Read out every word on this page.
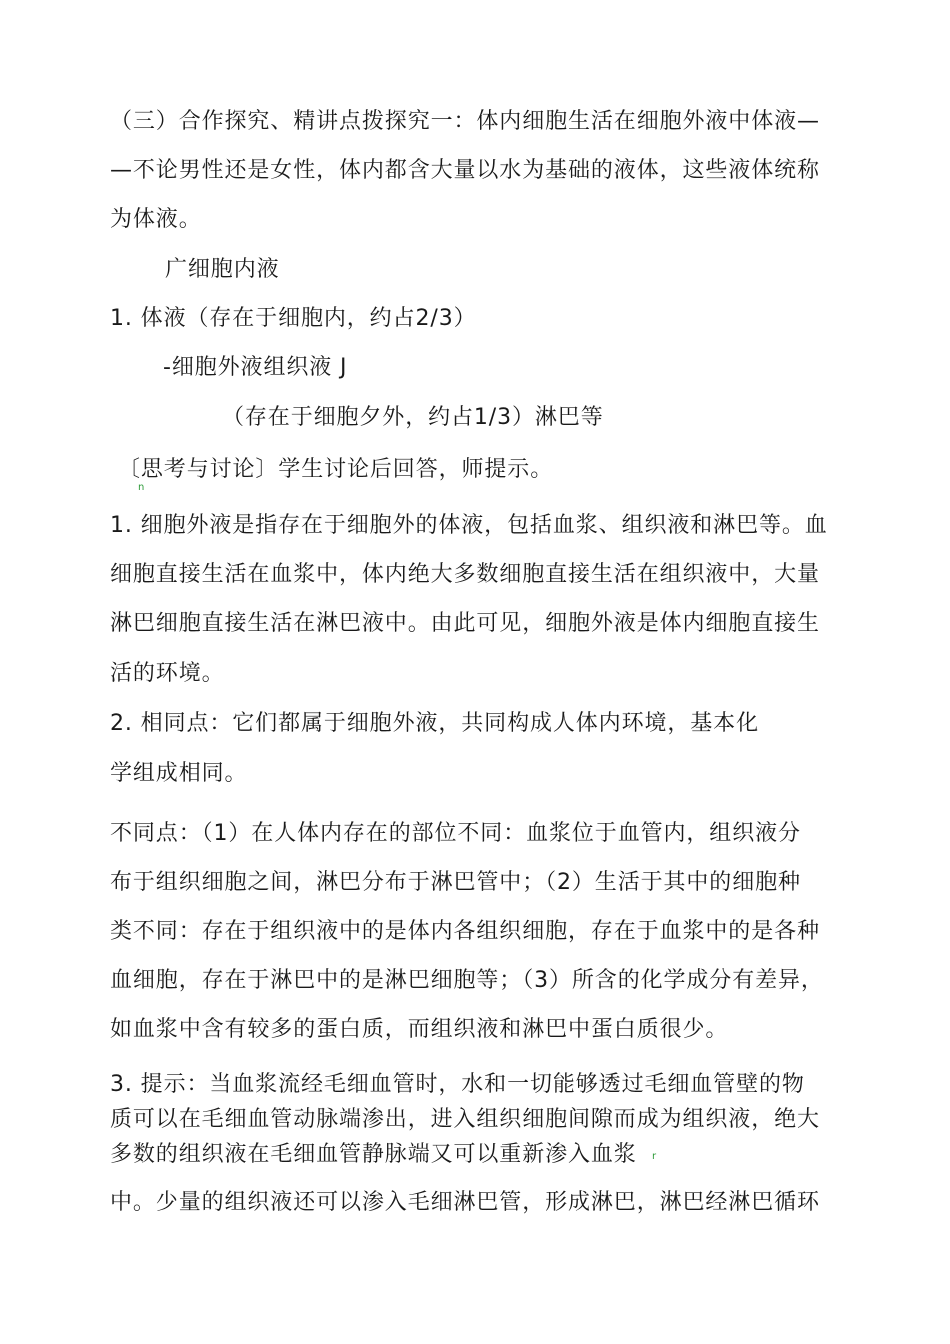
（三）合作探究、精讲点拨探究一：体内细胞生活在细胞外液中体液—
—不论男性还是女性，体内都含大量以水为基础的液体，这些液体统称
为体液。
广细胞内液
1. 体液（存在于细胞内，约占2/3）
-细胞外液组织液 J
（存在于细胞夕外，约占1/3）淋巴等
〔思考与讨论〕学生讨论后回答，师提示。
n
1. 细胞外液是指存在于细胞外的体液，包括血浆、组织液和淋巴等。血
细胞直接生活在血浆中，体内绝大多数细胞直接生活在组织液中，大量
淋巴细胞直接生活在淋巴液中。由此可见，细胞外液是体内细胞直接生
活的环境。
2. 相同点：它们都属于细胞外液，共同构成人体内环境，基本化
学组成相同。
不同点：（1）在人体内存在的部位不同：血浆位于血管内，组织液分
布于组织细胞之间，淋巴分布于淋巴管中；（2）生活于其中的细胞种
类不同：存在于组织液中的是体内各组织细胞，存在于血浆中的是各种
血细胞，存在于淋巴中的是淋巴细胞等；（3）所含的化学成分有差异，
如血浆中含有较多的蛋白质，而组织液和淋巴中蛋白质很少。
3. 提示：当血浆流经毛细血管时，水和一切能够透过毛细血管壁的物
质可以在毛细血管动脉端渗出，进入组织细胞间隙而成为组织液，绝大
多数的组织液在毛细血管静脉端又可以重新渗入血浆 r
中。少量的组织液还可以渗入毛细淋巴管，形成淋巴，淋巴经淋巴循环
